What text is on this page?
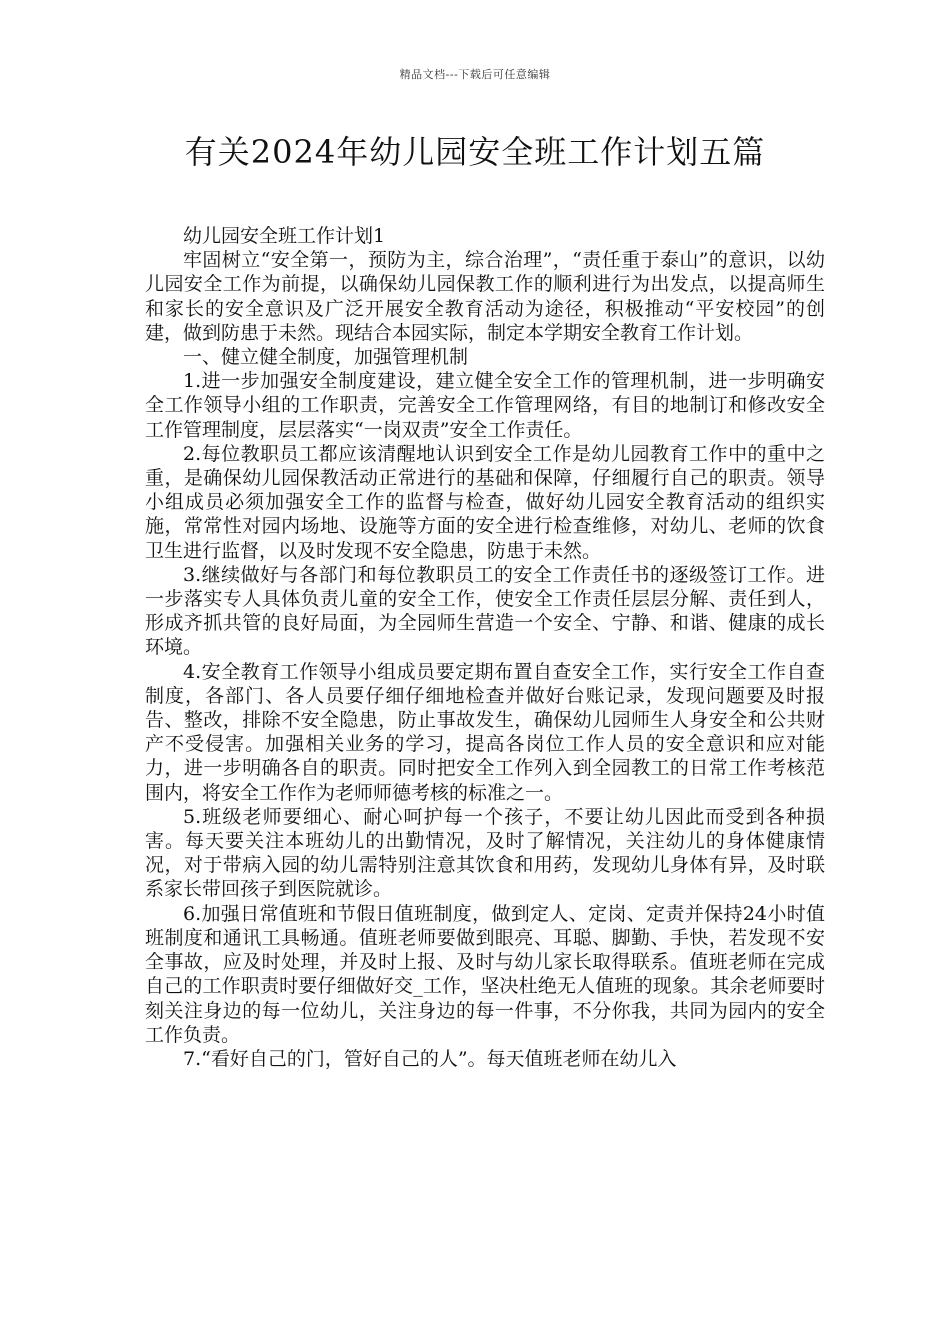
精品文档---下载后可任意编辑
有关2024年幼儿园安全班工作计划五篇

幼儿园安全班工作计划1

牢固树立“安全第一，预防为主，综合治理”，“责任重于泰山”的意识，以幼儿园安全工作为前提，以确保幼儿园保教工作的顺利进行为出发点，以提高师生和家长的安全意识及广泛开展安全教育活动为途径，积极推动“平安校园”的创建，做到防患于未然。现结合本园实际，制定本学期安全教育工作计划。

一、健立健全制度，加强管理机制

1.进一步加强安全制度建设，建立健全安全工作的管理机制，进一步明确安全工作领导小组的工作职责，完善安全工作管理网络，有目的地制订和修改安全工作管理制度，层层落实“一岗双责”安全工作责任。

2.每位教职员工都应该清醒地认识到安全工作是幼儿园教育工作中的重中之重，是确保幼儿园保教活动正常进行的基础和保障，仔细履行自己的职责。领导小组成员必须加强安全工作的监督与检查，做好幼儿园安全教育活动的组织实施，常常性对园内场地、设施等方面的安全进行检查维修，对幼儿、老师的饮食卫生进行监督，以及时发现不安全隐患，防患于未然。

3.继续做好与各部门和每位教职员工的安全工作责任书的逐级签订工作。进一步落实专人具体负责儿童的安全工作，使安全工作责任层层分解、责任到人，形成齐抓共管的良好局面，为全园师生营造一个安全、宁静、和谐、健康的成长环境。

4.安全教育工作领导小组成员要定期布置自查安全工作，实行安全工作自查制度，各部门、各人员要仔细仔细地检查并做好台账记录，发现问题要及时报告、整改，排除不安全隐患，防止事故发生，确保幼儿园师生人身安全和公共财产不受侵害。加强相关业务的学习，提高各岗位工作人员的安全意识和应对能力，进一步明确各自的职责。同时把安全工作列入到全园教工的日常工作考核范围内，将安全工作作为老师师德考核的标准之一。

5.班级老师要细心、耐心呵护每一个孩子，不要让幼儿因此而受到各种损害。每天要关注本班幼儿的出勤情况，及时了解情况，关注幼儿的身体健康情况，对于带病入园的幼儿需特别注意其饮食和用药，发现幼儿身体有异，及时联系家长带回孩子到医院就诊。

6.加强日常值班和节假日值班制度，做到定人、定岗、定责并保持24小时值班制度和通讯工具畅通。值班老师要做到眼亮、耳聪、脚勤、手快，若发现不安全事故，应及时处理，并及时上报、及时与幼儿家长取得联系。值班老师在完成自己的工作职责时要仔细做好交_工作，坚决杜绝无人值班的现象。其余老师要时刻关注身边的每一位幼儿，关注身边的每一件事，不分你我，共同为园内的安全工作负责。

7.“看好自己的门，管好自己的人”。每天值班老师在幼儿入
